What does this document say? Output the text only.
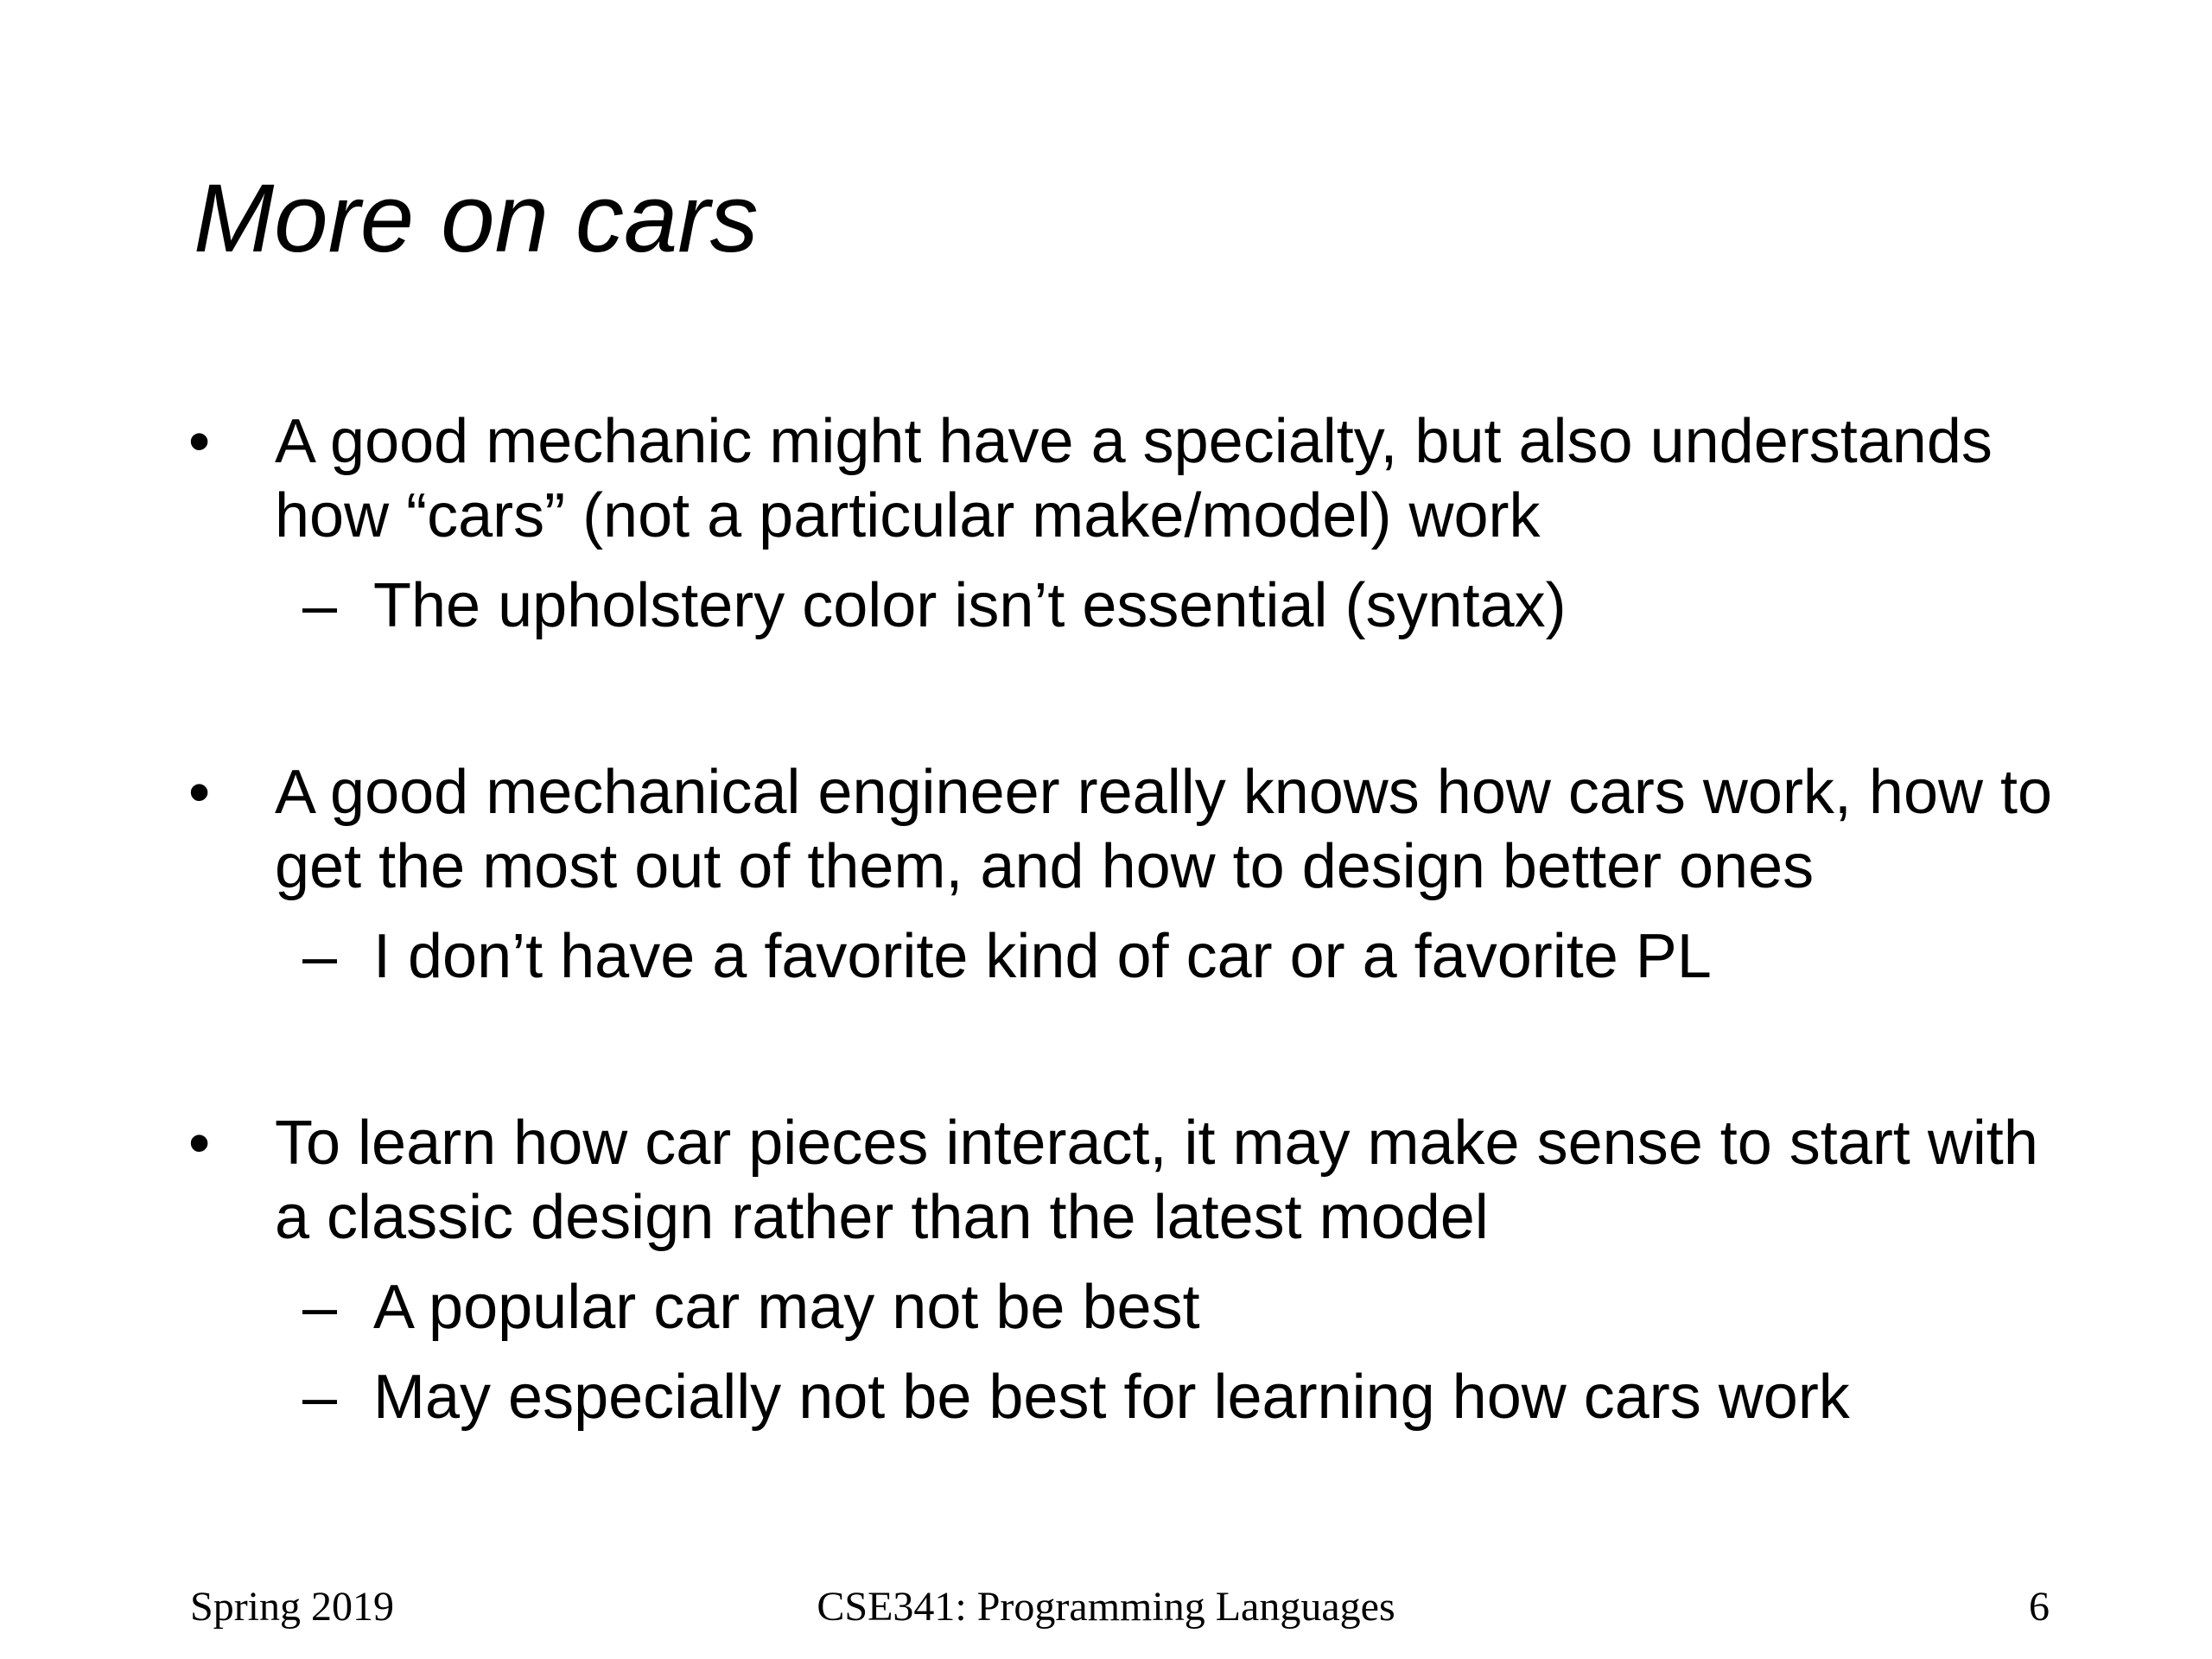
More on cars
•	A good mechanic might have a specialty, but also understands how “cars” (not a particular make/model) work
– The upholstery color isn’t essential (syntax)
•	A good mechanical engineer really knows how cars work, how to get the most out of them, and how to design better ones
– I don’t have a favorite kind of car or a favorite PL
•	To learn how car pieces interact, it may make sense to start with a classic design rather than the latest model
– A popular car may not be best
– May especially not be best for learning how cars work
Spring 2019	CSE341: Programming Languages	6
